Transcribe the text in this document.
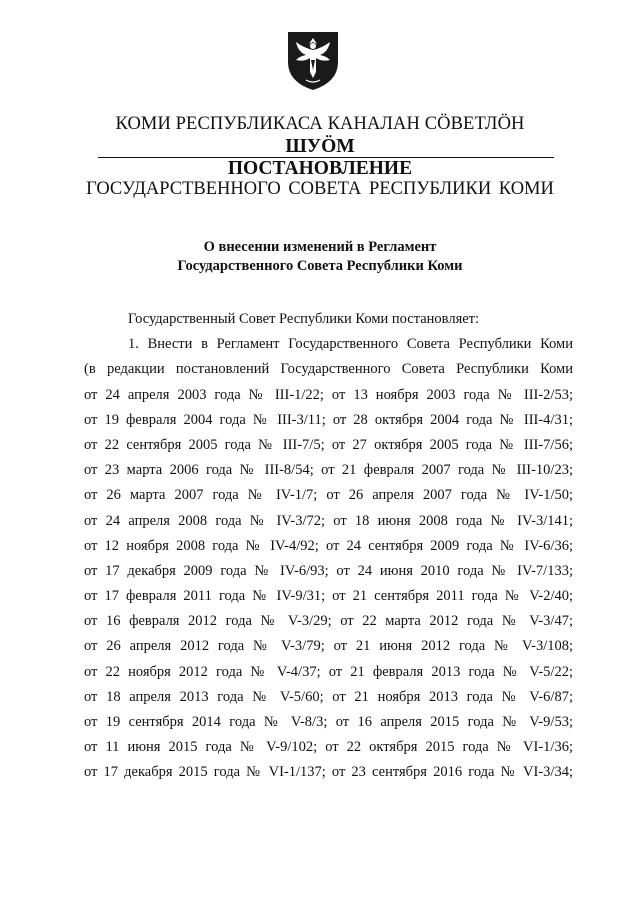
КОМИ РЕСПУБЛИКАСА КАНАЛАН СÖВЕТЛÖН
ШУÖМ
ПОСТАНОВЛЕНИЕ
ГОСУДАРСТВЕННОГО СОВЕТА РЕСПУБЛИКИ КОМИ
О внесении изменений в Регламент
Государственного Совета Республики Коми
Государственный Совет Республики Коми постановляет:
1. Внести в Регламент Государственного Совета Республики Коми
(в редакции постановлений Государственного Совета Республики Коми
от 24 апреля 2003 года № III-1/22; от 13 ноября 2003 года № III-2/53;
от 19 февраля 2004 года № III-3/11; от 28 октября 2004 года № III-4/31;
от 22 сентября 2005 года № III-7/5; от 27 октября 2005 года № III-7/56;
от 23 марта 2006 года № III-8/54; от 21 февраля 2007 года № III-10/23;
от 26 марта 2007 года № IV-1/7; от 26 апреля 2007 года № IV-1/50;
от 24 апреля 2008 года № IV-3/72; от 18 июня 2008 года № IV-3/141;
от 12 ноября 2008 года № IV-4/92; от 24 сентября 2009 года № IV-6/36;
от 17 декабря 2009 года № IV-6/93; от 24 июня 2010 года № IV-7/133;
от 17 февраля 2011 года № IV-9/31; от 21 сентября 2011 года № V-2/40;
от 16 февраля 2012 года № V-3/29; от 22 марта 2012 года № V-3/47;
от 26 апреля 2012 года № V-3/79; от 21 июня 2012 года № V-3/108;
от 22 ноября 2012 года № V-4/37; от 21 февраля 2013 года № V-5/22;
от 18 апреля 2013 года № V-5/60; от 21 ноября 2013 года № V-6/87;
от 19 сентября 2014 года № V-8/3; от 16 апреля 2015 года № V-9/53;
от 11 июня 2015 года № V-9/102; от 22 октября 2015 года № VI-1/36;
от 17 декабря 2015 года № VI-1/137; от 23 сентября 2016 года № VI-3/34;
